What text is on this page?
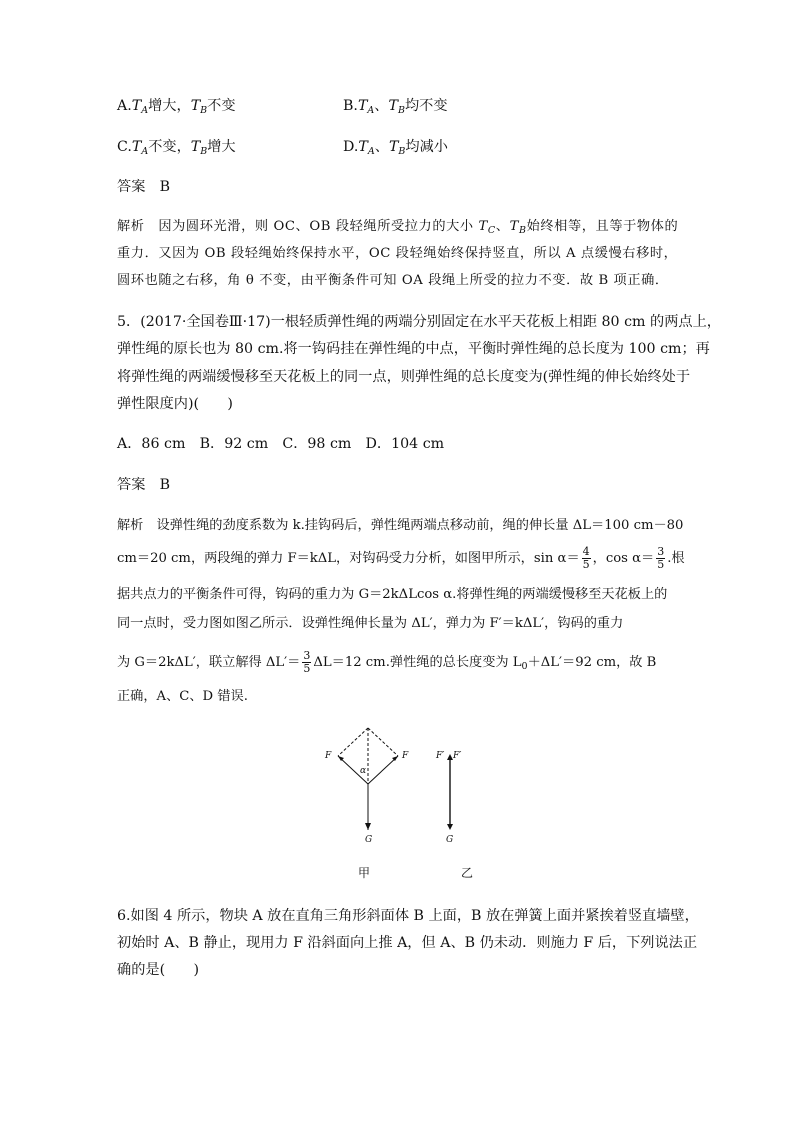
$A.T_A$增大，$T_B$不变	$B.T_A$、$T_B$均不变
$C.T_A$不变，$T_B$增大	$D.T_A$、$T_B$均减小
答案　B
解析　因为圆环光滑，则 OC、OB 段轻绳所受拉力的大小 $T_C$、$T_B$始终相等，且等于物体的
重力．又因为 OB 段轻绳始终保持水平，OC 段轻绳始终保持竖直，所以 A 点缓慢右移时，
圆环也随之右移，角 θ 不变，由平衡条件可知 OA 段绳上所受的拉力不变．故 B 项正确．
5．(2017·全国卷Ⅲ·17)一根轻质弹性绳的两端分别固定在水平天花板上相距 80 cm 的两点上，
弹性绳的原长也为 80 cm.将一钩码挂在弹性绳的中点，平衡时弹性绳的总长度为 100 cm；再
将弹性绳的两端缓慢移至天花板上的同一点，则弹性绳的总长度变为(弹性绳的伸长始终处于
弹性限度内)(　　)
A．86 cm　B．92 cm　C．98 cm　D．104 cm
答案　B
解析　设弹性绳的劲度系数为 k.挂钩码后，弹性绳两端点移动前，绳的伸长量 ΔL＝100 cm－80
cm＝20 cm，两段绳的弹力 F＝kΔL，对钩码受力分析，如图甲所示，$\sin \alpha= \frac{4}{5}$ ，$\cos \alpha= \frac{3}{5}$ .根
据共点力的平衡条件可得，钩码的重力为 G＝2kΔLcos α.将弹性绳的两端缓慢移至天花板上的
同一点时，受力图如图乙所示．设弹性绳伸长量为 ΔL′，弹力为 F′＝kΔL′，钩码的重力
为 G＝2kΔL′，联立解得 $\Delta L'= \frac{3}{5} \Delta L=12$ cm.弹性绳的总长度变为 $L_0+\Delta L'=92$ cm，故 B
正确，A、C、D 错误.
F	F
α
G
F′ F′
G
甲	乙
6.如图 4 所示，物块 A 放在直角三角形斜面体 B 上面，B 放在弹簧上面并紧挨着竖直墙壁，
初始时 A、B 静止，现用力 F 沿斜面向上推 A，但 A、B 仍未动．则施力 F 后，下列说法正
确的是(　　)
